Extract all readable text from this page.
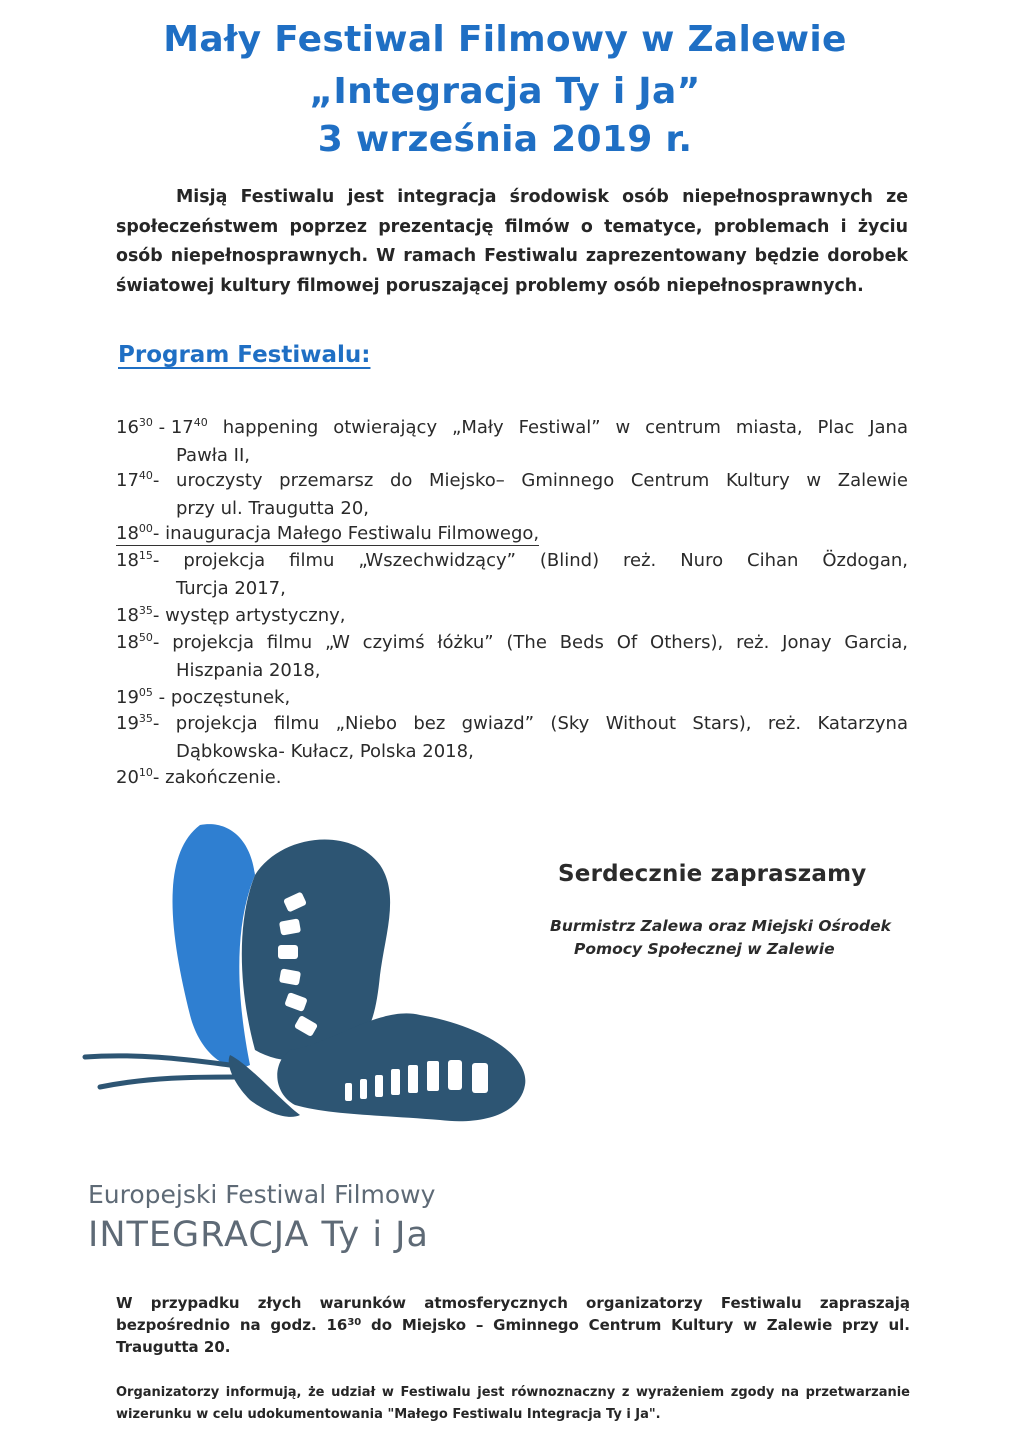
Mały Festiwal Filmowy w Zalewie
„Integracja Ty i Ja”
3 września 2019 r.
Misją Festiwalu jest integracja środowisk osób niepełnosprawnych ze społeczeństwem poprzez prezentację filmów o tematyce, problemach i życiu osób niepełnosprawnych. W ramach Festiwalu zaprezentowany będzie dorobek światowej kultury filmowej poruszającej problemy osób niepełnosprawnych.
Program Festiwalu:
$16^{30} - 17^{40}$ happening otwierający „Mały Festiwal” w centrum miasta, Plac Jana
Pawła II,
$17^{40}-$ uroczysty przemarsz do Miejsko– Gminnego Centrum Kultury w Zalewie
przy ul. Traugutta 20,
$18^{00}-$ inauguracja Małego Festiwalu Filmowego,
$18^{15}-$ projekcja filmu „Wszechwidzący” (Blind) reż. Nuro Cihan Özdogan,
Turcja 2017,
$18^{35}-$ występ artystyczny,
$18^{50}-$ projekcja filmu „W czyimś łóżku” (The Beds Of Others), reż. Jonay Garcia,
Hiszpania 2018,
$19^{05}$ - poczęstunek,
$19^{35}-$ projekcja filmu „Niebo bez gwiazd” (Sky Without Stars), reż. Katarzyna
Dąbkowska- Kułacz, Polska 2018,
$20^{10}-$ zakończenie.
Europejski Festiwal Filmowy
INTEGRACJA Ty i Ja
Serdecznie zapraszamy
Burmistrz Zalewa oraz Miejski Ośrodek
Pomocy Społecznej w Zalewie
W przypadku złych warunków atmosferycznych organizatorzy Festiwalu zapraszają bezpośrednio na godz. $16^{30}$ do Miejsko – Gminnego Centrum Kultury w Zalewie przy ul. Traugutta 20.
Organizatorzy informują, że udział w Festiwalu jest równoznaczny z wyrażeniem zgody na przetwarzanie wizerunku w celu udokumentowania "Małego Festiwalu Integracja Ty i Ja".
